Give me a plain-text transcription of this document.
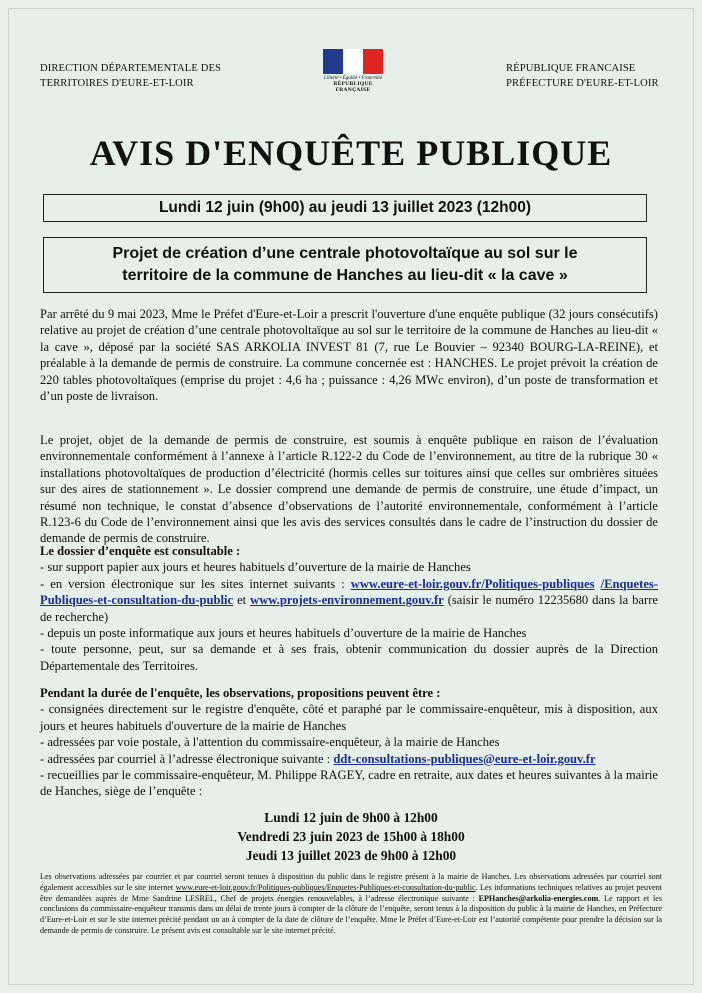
DIRECTION DÉPARTEMENTALE DES
TERRITOIRES D'EURE-ET-LOIR	Liberté • Égalité • Fraternité
RÉPUBLIQUE FRANÇAISE
RÉPUBLIQUE FRANCAISE
PRÉFECTURE D'EURE-ET-LOIR
AVIS D'ENQUÊTE PUBLIQUE
Lundi 12 juin (9h00) au jeudi 13 juillet 2023 (12h00)
Projet de création d’une centrale photovoltaïque au sol sur le
territoire de la commune de Hanches au lieu-dit « la cave »

Par arrêté du 9 mai 2023, Mme le Préfet d'Eure-et-Loir a prescrit l'ouverture d'une enquête publique (32 jours consécutifs) relative au projet de création d’une centrale photovoltaïque au sol sur le territoire de la commune de Hanches au lieu-dit « la cave », déposé par la société SAS ARKOLIA INVEST 81 (7, rue Le Bouvier – 92340 BOURG-LA-REINE), et préalable à la demande de permis de construire. La commune concernée est : HANCHES. Le projet prévoit la création de 220 tables photovoltaïques (emprise du projet : 4,6 ha ; puissance : 4,26 MWc environ), d’un poste de transformation et d’un poste de livraison.

Le projet, objet de la demande de permis de construire, est soumis à enquête publique en raison de l’évaluation environnementale conformément à l’annexe à l’article R.122-2 du Code de l’environnement, au titre de la rubrique 30 « installations photovoltaïques de production d’électricité (hormis celles sur toitures ainsi que celles sur ombrières situées sur des aires de stationnement ». Le dossier comprend une demande de permis de construire, une étude d’impact, un résumé non technique, le constat d’absence d’observations de l’autorité environnementale, conformément à l’article R.123-6 du Code de l’environnement ainsi que les avis des services consultés dans le cadre de l’instruction du dossier de demande de permis de construire.

Le dossier d’enquête est consultable :

- sur support papier aux jours et heures habituels d’ouverture de la mairie de Hanches

- en version électronique sur les sites internet suivants : www.eure-et-loir.gouv.fr/Politiques-publiques /Enquetes-Publiques-et-consultation-du-public et www.projets-environnement.gouv.fr (saisir le numéro 12235680 dans la barre de recherche)

- depuis un poste informatique aux jours et heures habituels d’ouverture de la mairie de Hanches

- toute personne, peut, sur sa demande et à ses frais, obtenir communication du dossier auprès de la Direction Départementale des Territoires.

Pendant la durée de l'enquête, les observations, propositions peuvent être :

- consignées directement sur le registre d'enquête, côté et paraphé par le commissaire-enquêteur, mis à disposition, aux jours et heures habituels d'ouverture de la mairie de Hanches

- adressées par voie postale, à l'attention du commissaire-enquêteur, à la mairie de Hanches

- adressées par courriel à l’adresse électronique suivante : ddt-consultations-publiques@eure-et-loir.gouv.fr

- recueillies par le commissaire-enquêteur, M. Philippe RAGEY, cadre en retraite, aux dates et heures suivantes à la mairie de Hanches, siège de l’enquête :

Lundi 12 juin de 9h00 à 12h00
Vendredi 23 juin 2023 de 15h00 à 18h00
Jeudi 13 juillet 2023 de 9h00 à 12h00
Les observations adressées par courrier et par courriel seront tenues à disposition du public dans le registre présent à la mairie de Hanches. Les observations adressées par courriel sont également accessibles sur le site internet www.eure-et-loir.gouv.fr/Politiques-publiques/Enquetes-Publiques-et-consultation-du-public. Les informations techniques relatives au projet peuvent être demandées auprès de Mme Sandrine LESREL, Chef de projets énergies renouvelables, à l’adresse électronique suivante : EPHanches@arkolia-energies.com. Le rapport et les conclusions du commissaire-enquêteur transmis dans un délai de trente jours à compter de la clôture de l’enquête, seront tenus à la disposition du public à la mairie de Hanches, en Préfecture d’Eure-et-Loir et sur le site internet précité pendant un an à compter de la date de clôture de l’enquête. Mme le Préfet d’Eure-et-Loir est l’autorité compétente pour prendre la décision sur la demande de permis de construire. Le présent avis est consultable sur le site internet précité.
